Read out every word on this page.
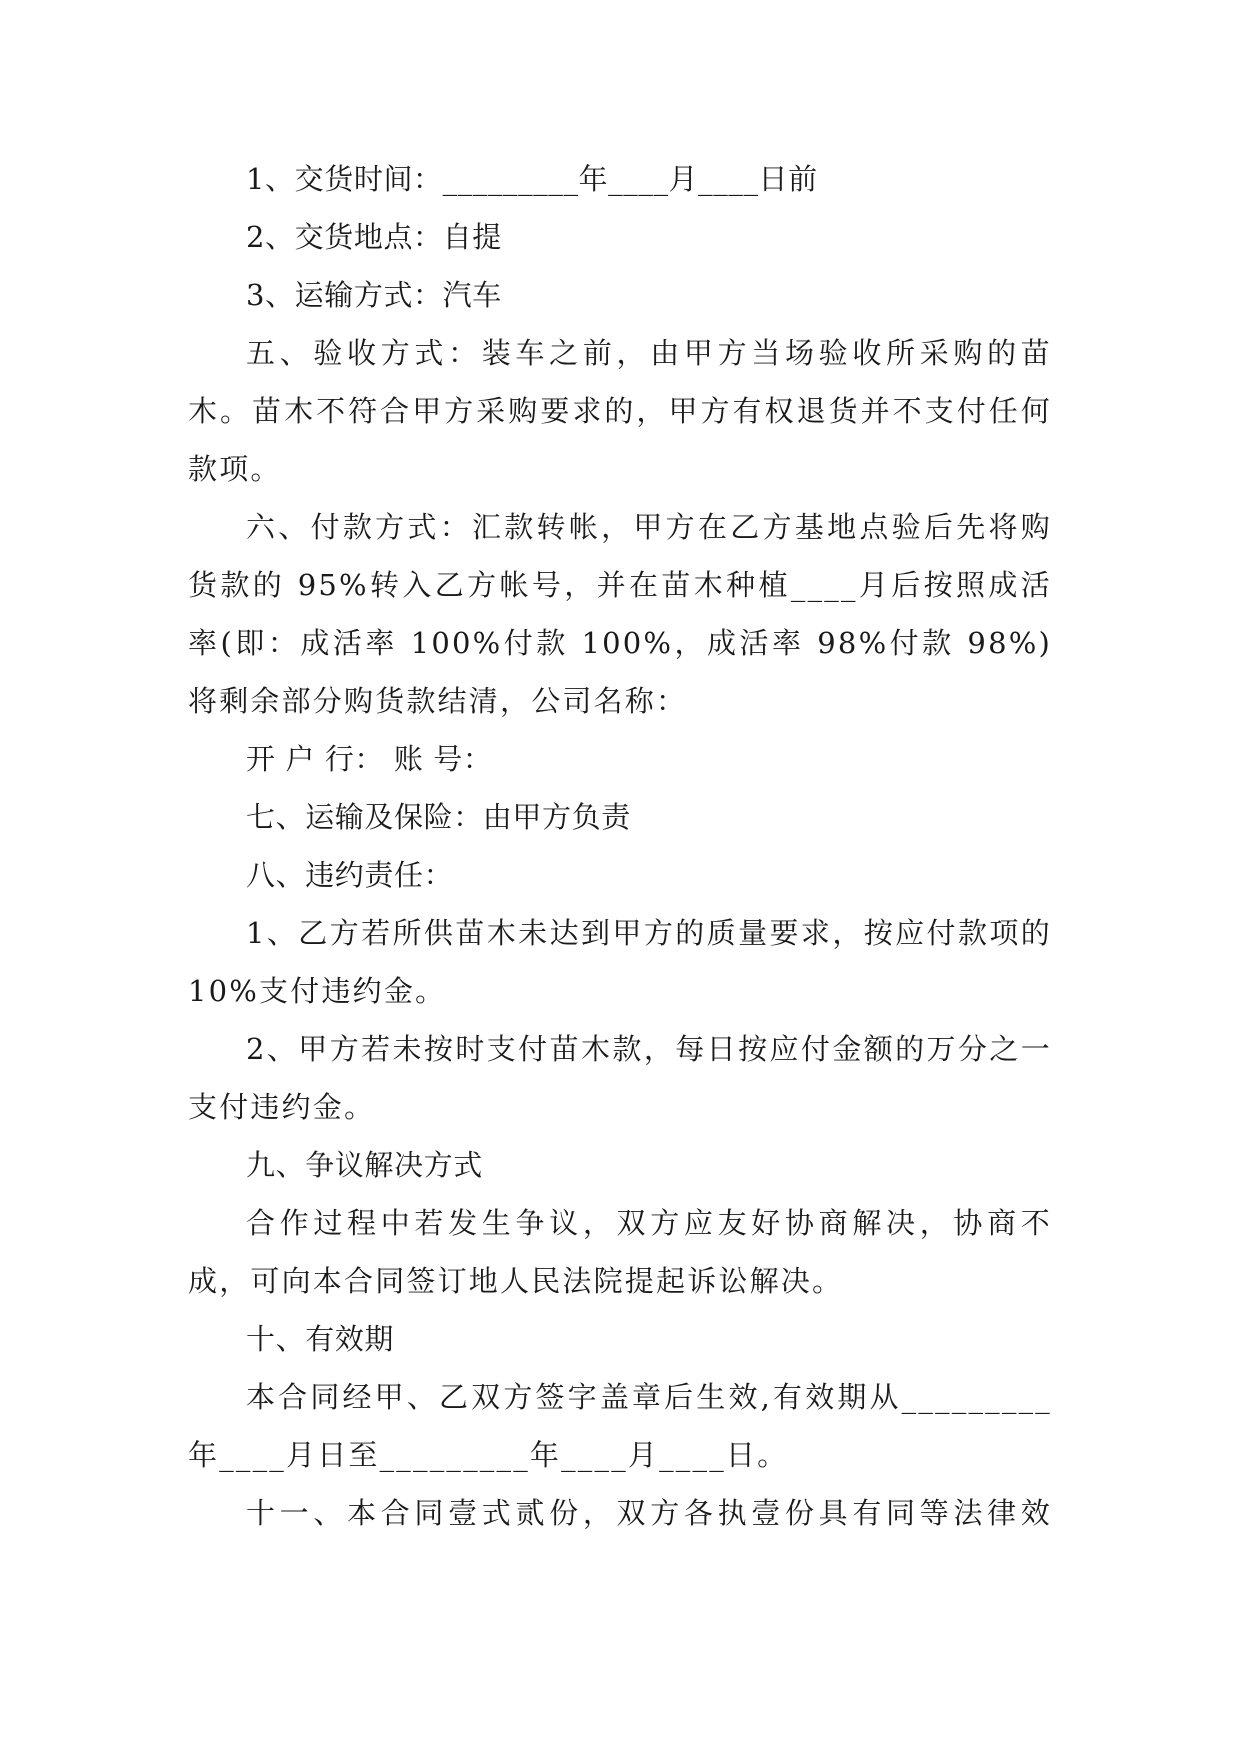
1、交货时间：_________年____月____日前

2、交货地点：自提

3、运输方式：汽车

五、验收方式：装车之前，由甲方当场验收所采购的苗木。苗木不符合甲方采购要求的，甲方有权退货并不支付任何款项。

六、付款方式：汇款转帐，甲方在乙方基地点验后先将购货款的 95%转入乙方帐号，并在苗木种植____月后按照成活率(即：成活率 100%付款 100%，成活率 98%付款 98%)将剩余部分购货款结清，公司名称：

开 户 行： 账 号：

七、运输及保险：由甲方负责

八、违约责任：

1、乙方若所供苗木未达到甲方的质量要求，按应付款项的 10%支付违约金。

2、甲方若未按时支付苗木款，每日按应付金额的万分之一支付违约金。

九、争议解决方式

合作过程中若发生争议，双方应友好协商解决，协商不成，可向本合同签订地人民法院提起诉讼解决。

十、有效期

本合同经甲、乙双方签字盖章后生效,有效期从_________年____月日至_________年____月____日。

十一、本合同壹式贰份，双方各执壹份具有同等法律效
